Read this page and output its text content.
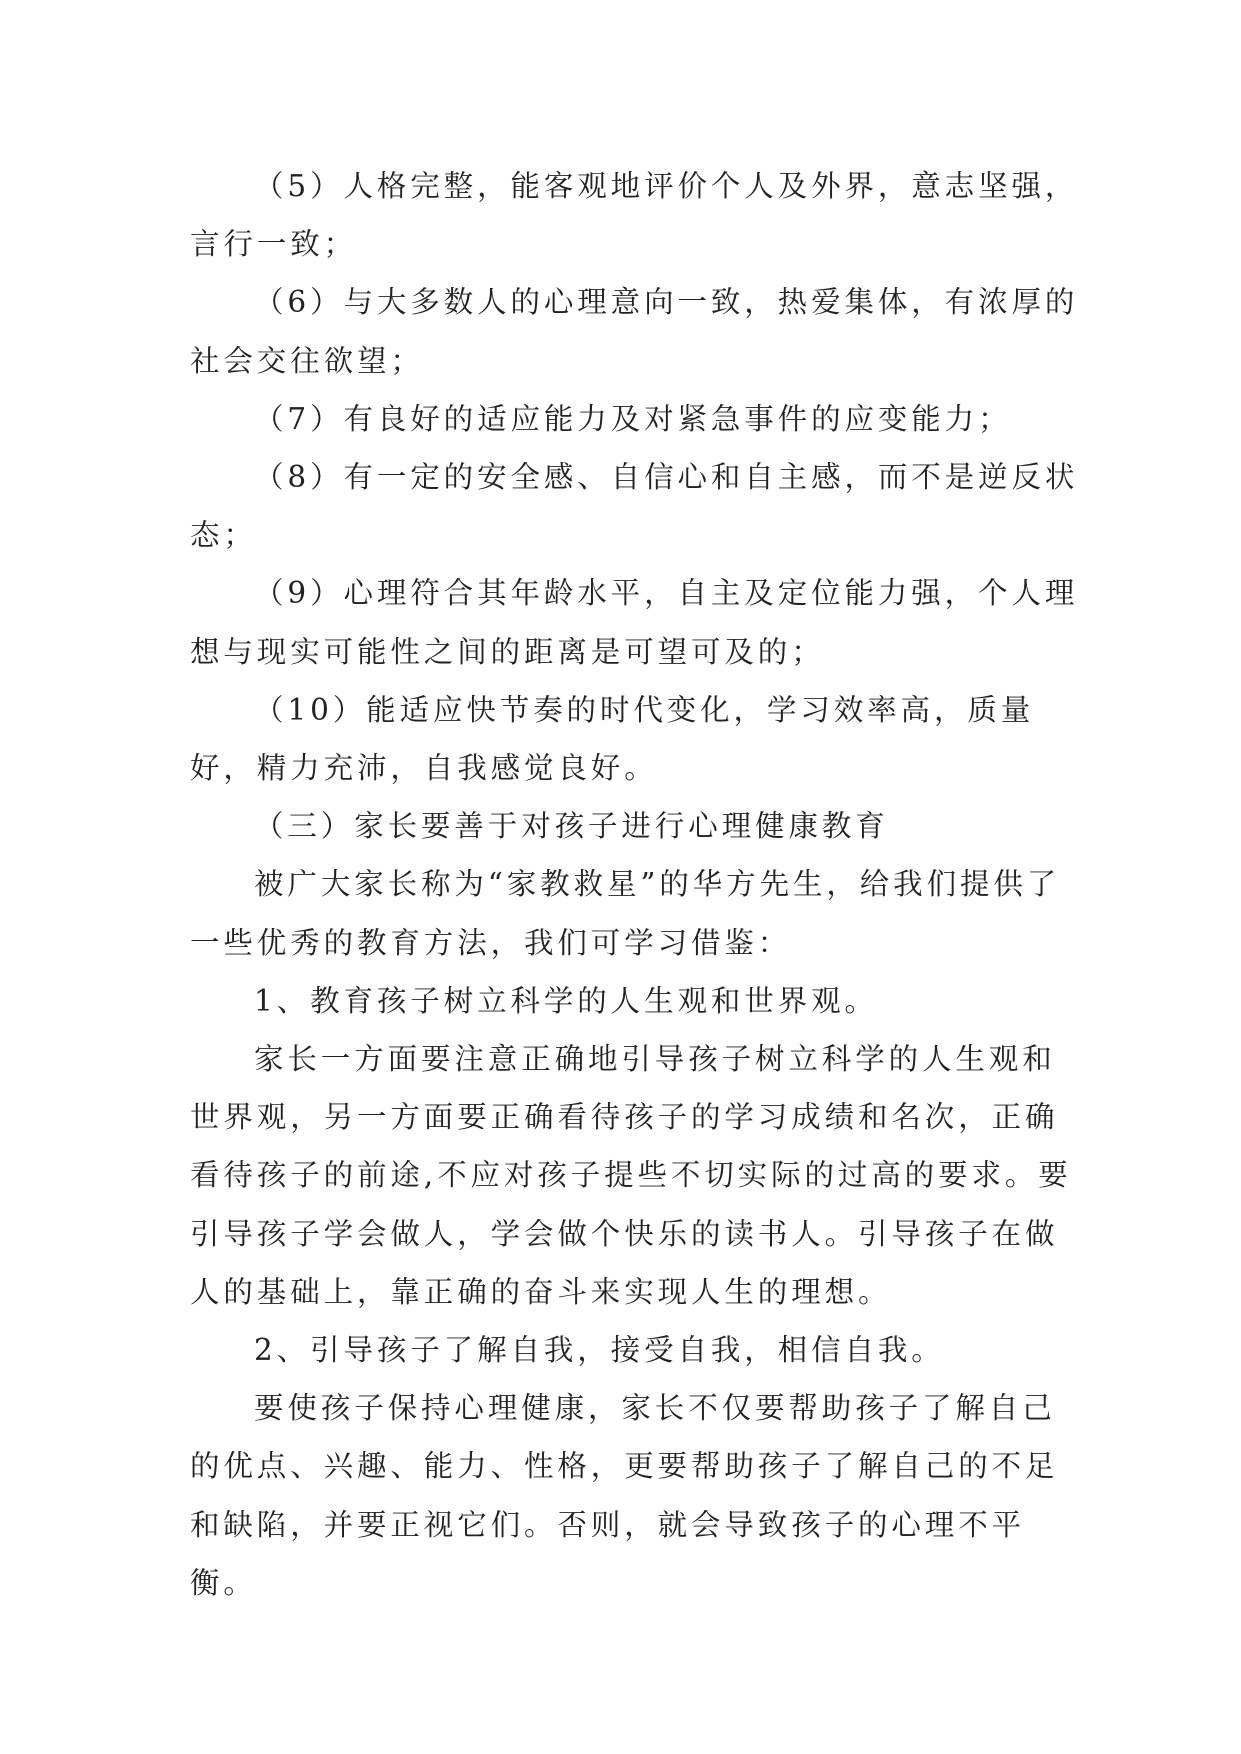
（5）人格完整，能客观地评价个人及外界，意志坚强，言行一致；

（6）与大多数人的心理意向一致，热爱集体，有浓厚的社会交往欲望；

（7）有良好的适应能力及对紧急事件的应变能力；

（8）有一定的安全感、自信心和自主感，而不是逆反状态；

（9）心理符合其年龄水平，自主及定位能力强，个人理想与现实可能性之间的距离是可望可及的；

（10）能适应快节奏的时代变化，学习效率高，质量好，精力充沛，自我感觉良好。

（三）家长要善于对孩子进行心理健康教育

被广大家长称为“家教救星”的华方先生，给我们提供了一些优秀的教育方法，我们可学习借鉴：

1、教育孩子树立科学的人生观和世界观。

家长一方面要注意正确地引导孩子树立科学的人生观和世界观，另一方面要正确看待孩子的学习成绩和名次，正确看待孩子的前途,不应对孩子提些不切实际的过高的要求。要引导孩子学会做人，学会做个快乐的读书人。引导孩子在做人的基础上，靠正确的奋斗来实现人生的理想。

2、引导孩子了解自我，接受自我，相信自我。

要使孩子保持心理健康，家长不仅要帮助孩子了解自己的优点、兴趣、能力、性格，更要帮助孩子了解自己的不足和缺陷，并要正视它们。否则，就会导致孩子的心理不平衡。
